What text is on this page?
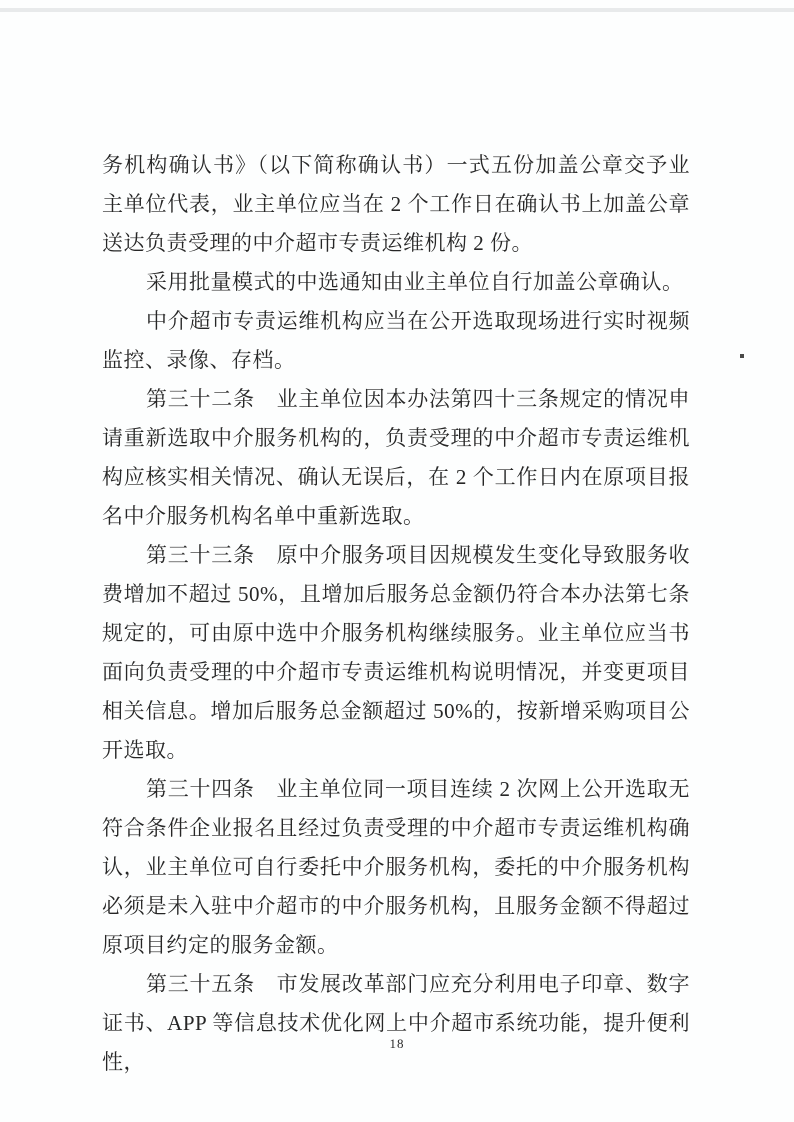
务机构确认书》（以下简称确认书）一式五份加盖公章交予业主单位代表，业主单位应当在 2 个工作日在确认书上加盖公章送达负责受理的中介超市专责运维机构 2 份。

采用批量模式的中选通知由业主单位自行加盖公章确认。

中介超市专责运维机构应当在公开选取现场进行实时视频监控、录像、存档。

第三十二条　业主单位因本办法第四十三条规定的情况申请重新选取中介服务机构的，负责受理的中介超市专责运维机构应核实相关情况、确认无误后，在 2 个工作日内在原项目报名中介服务机构名单中重新选取。

第三十三条　原中介服务项目因规模发生变化导致服务收费增加不超过 50%，且增加后服务总金额仍符合本办法第七条规定的，可由原中选中介服务机构继续服务。业主单位应当书面向负责受理的中介超市专责运维机构说明情况，并变更项目相关信息。增加后服务总金额超过 50%的，按新增采购项目公开选取。

第三十四条　业主单位同一项目连续 2 次网上公开选取无符合条件企业报名且经过负责受理的中介超市专责运维机构确认，业主单位可自行委托中介服务机构，委托的中介服务机构必须是未入驻中介超市的中介服务机构，且服务金额不得超过原项目约定的服务金额。

第三十五条　市发展改革部门应充分利用电子印章、数字证书、APP 等信息技术优化网上中介超市系统功能，提升便利性，

18
